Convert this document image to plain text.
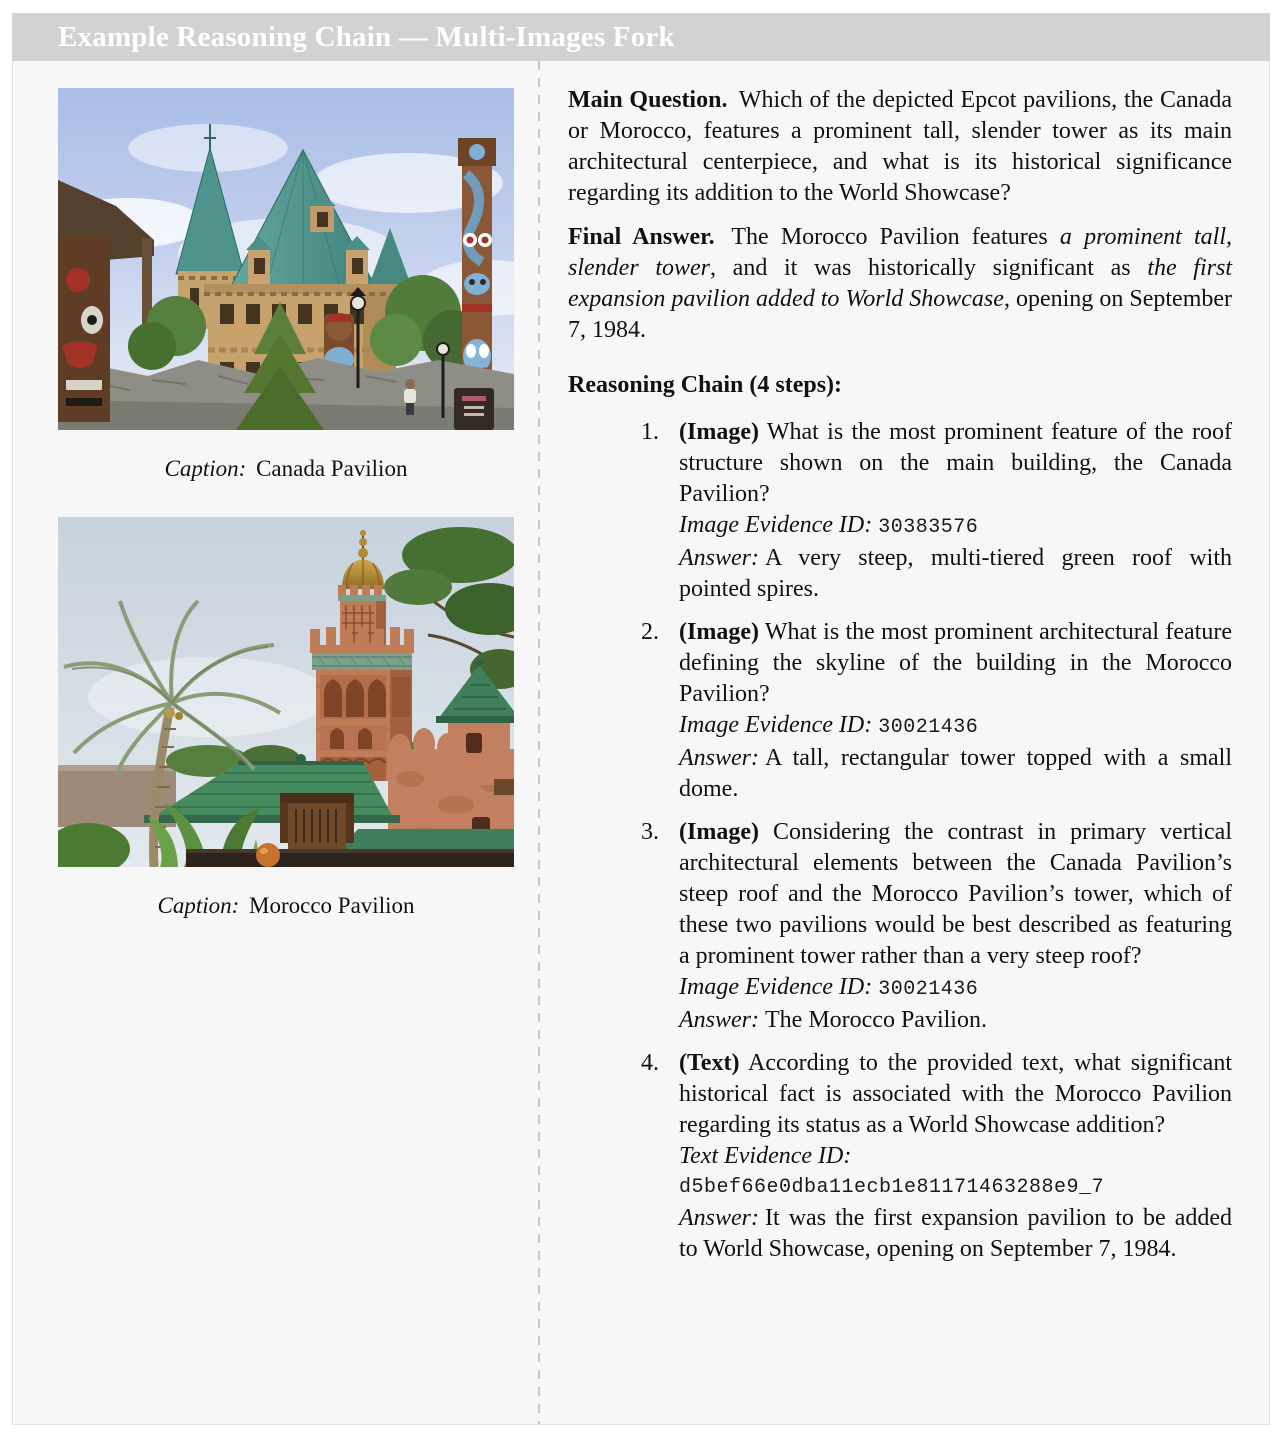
Example Reasoning Chain — Multi-Images Fork
Caption: Canada Pavilion
Caption: Morocco Pavilion

Main Question. Which of the depicted Epcot pavilions, the Canada or Morocco, features a prominent tall, slender tower as its main architectural centerpiece, and what is its historical significance regarding its addition to the World Showcase?

Final Answer. The Morocco Pavilion features a prominent tall, slender tower, and it was historically significant as the first expansion pavilion added to World Showcase, opening on September 7, 1984.

Reasoning Chain (4 steps):

1. (Image) What is the most prominent feature of the roof structure shown on the main building, the Canada Pavilion?
Image Evidence ID: 30383576
Answer: A very steep, multi-tiered green roof with pointed spires.
2. (Image) What is the most prominent architectural feature defining the skyline of the building in the Morocco Pavilion?
Image Evidence ID: 30021436
Answer: A tall, rectangular tower topped with a small dome.
3. (Image) Considering the contrast in primary vertical architectural elements between the Canada Pavilion’s steep roof and the Morocco Pavilion’s tower, which of these two pavilions would be best described as featuring a prominent tower rather than a very steep roof?
Image Evidence ID: 30021436
Answer: The Morocco Pavilion.
4. (Text) According to the provided text, what significant historical fact is associated with the Morocco Pavilion regarding its status as a World Showcase addition?
Text Evidence ID:
d5bef66e0dba11ecb1e81171463288e9_7
Answer: It was the first expansion pavilion to be added to World Showcase, opening on September 7, 1984.
